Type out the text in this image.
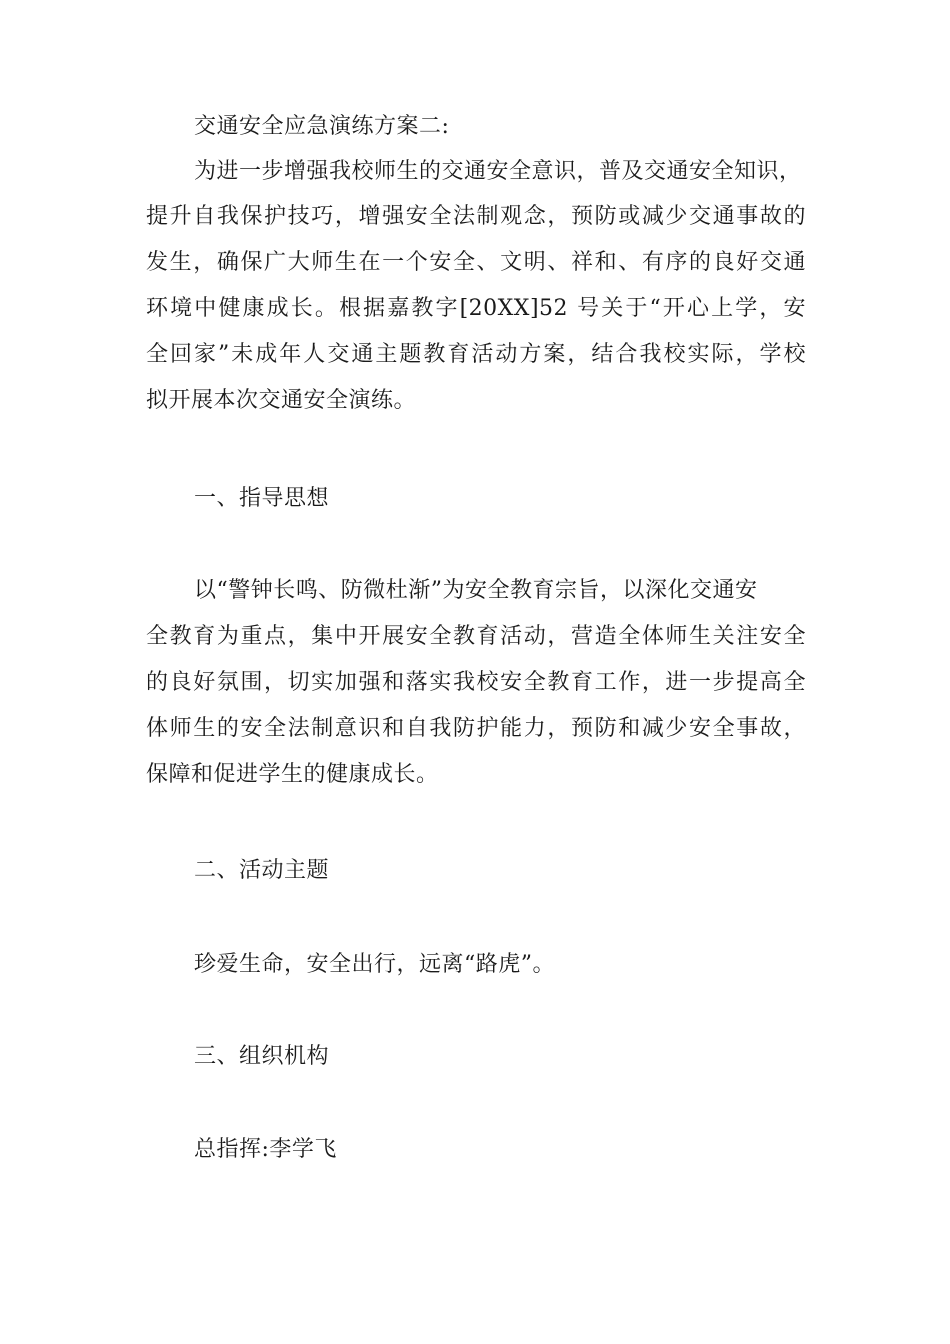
交通安全应急演练方案二:
为进一步增强我校师生的交通安全意识，普及交通安全知识，
提升自我保护技巧，增强安全法制观念，预防或减少交通事故的
发生，确保广大师生在一个安全、文明、祥和、有序的良好交通
环境中健康成长。根据嘉教字[20XX]52 号关于“开心上学，安
全回家”未成年人交通主题教育活动方案，结合我校实际，学校
拟开展本次交通安全演练。
一、指导思想
以“警钟长鸣、防微杜渐”为安全教育宗旨，以深化交通安
全教育为重点，集中开展安全教育活动，营造全体师生关注安全
的良好氛围，切实加强和落实我校安全教育工作，进一步提高全
体师生的安全法制意识和自我防护能力，预防和减少安全事故，
保障和促进学生的健康成长。
二、活动主题
珍爱生命，安全出行，远离“路虎”。
三、组织机构
总指挥:李学飞
